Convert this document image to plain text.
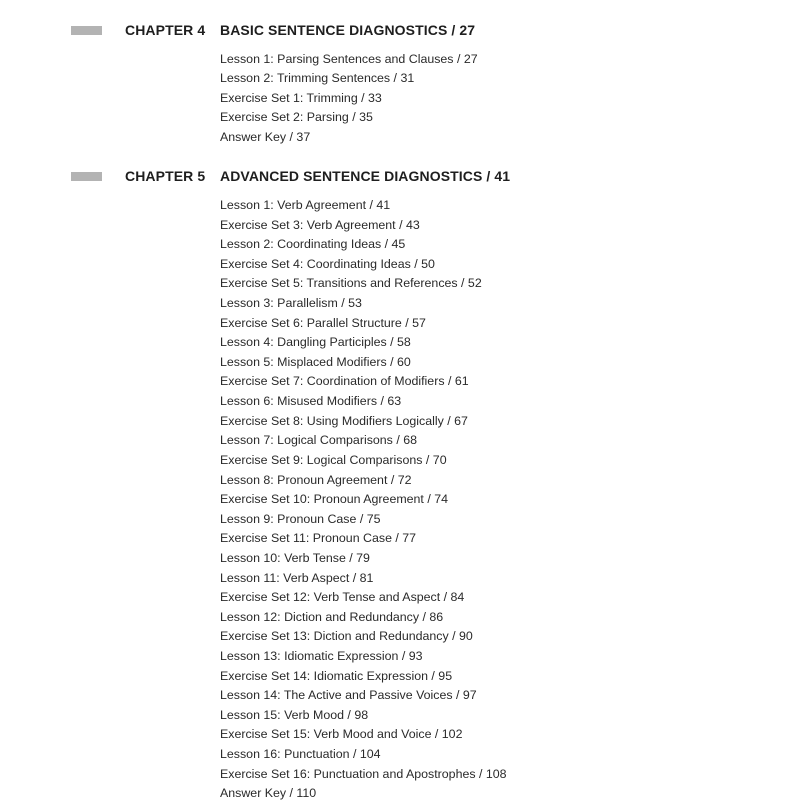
CHAPTER 4 BASIC SENTENCE DIAGNOSTICS / 27
Lesson 1: Parsing Sentences and Clauses / 27
Lesson 2: Trimming Sentences / 31
Exercise Set 1: Trimming / 33
Exercise Set 2: Parsing / 35
Answer Key / 37
CHAPTER 5 ADVANCED SENTENCE DIAGNOSTICS / 41
Lesson 1: Verb Agreement / 41
Exercise Set 3: Verb Agreement / 43
Lesson 2: Coordinating Ideas / 45
Exercise Set 4: Coordinating Ideas / 50
Exercise Set 5: Transitions and References / 52
Lesson 3: Parallelism / 53
Exercise Set 6: Parallel Structure / 57
Lesson 4: Dangling Participles / 58
Lesson 5: Misplaced Modifiers / 60
Exercise Set 7: Coordination of Modifiers / 61
Lesson 6: Misused Modifiers / 63
Exercise Set 8: Using Modifiers Logically / 67
Lesson 7: Logical Comparisons / 68
Exercise Set 9: Logical Comparisons / 70
Lesson 8: Pronoun Agreement / 72
Exercise Set 10: Pronoun Agreement / 74
Lesson 9: Pronoun Case / 75
Exercise Set 11: Pronoun Case / 77
Lesson 10: Verb Tense / 79
Lesson 11: Verb Aspect / 81
Exercise Set 12: Verb Tense and Aspect / 84
Lesson 12: Diction and Redundancy / 86
Exercise Set 13: Diction and Redundancy / 90
Lesson 13: Idiomatic Expression / 93
Exercise Set 14: Idiomatic Expression / 95
Lesson 14: The Active and Passive Voices / 97
Lesson 15: Verb Mood / 98
Exercise Set 15: Verb Mood and Voice / 102
Lesson 16: Punctuation / 104
Exercise Set 16: Punctuation and Apostrophes / 108
Answer Key / 110
